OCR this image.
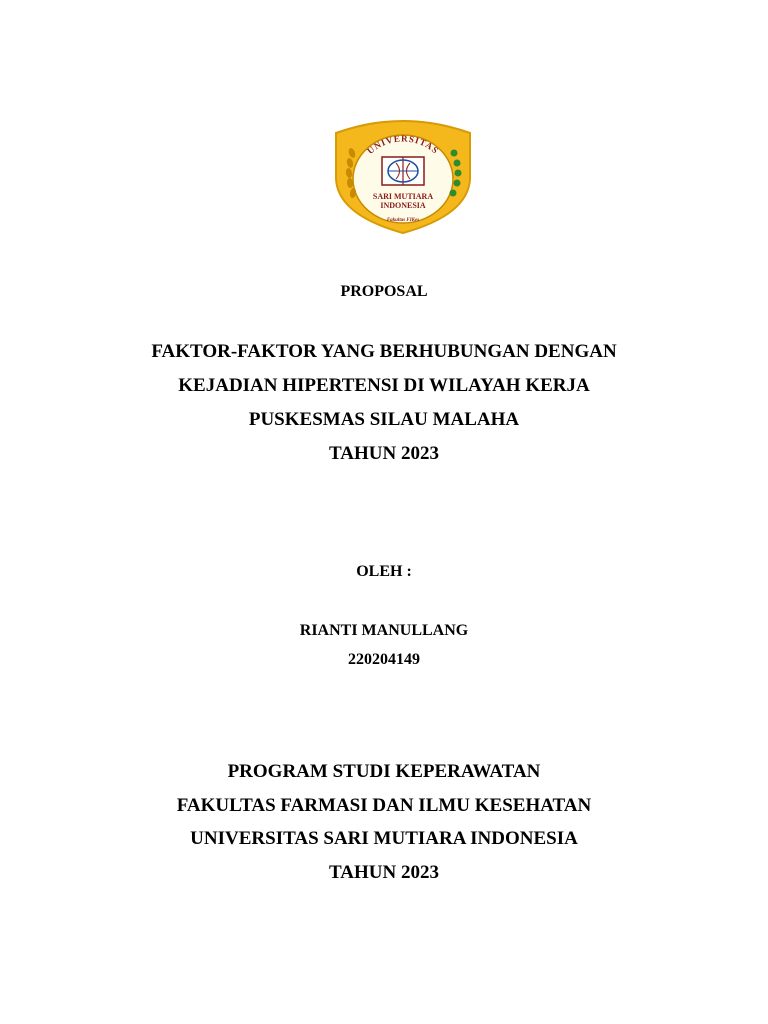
UNIVERSITAS
SARI MUTIARA
INDONESIA
Fakultas FIKes
PROPOSAL
FAKTOR-FAKTOR YANG BERHUBUNGAN DENGAN
KEJADIAN HIPERTENSI DI WILAYAH KERJA
PUSKESMAS SILAU MALAHA
TAHUN 2023
OLEH :
RIANTI MANULLANG
220204149
PROGRAM STUDI KEPERAWATAN
FAKULTAS FARMASI DAN ILMU KESEHATAN
UNIVERSITAS SARI MUTIARA INDONESIA
TAHUN 2023
